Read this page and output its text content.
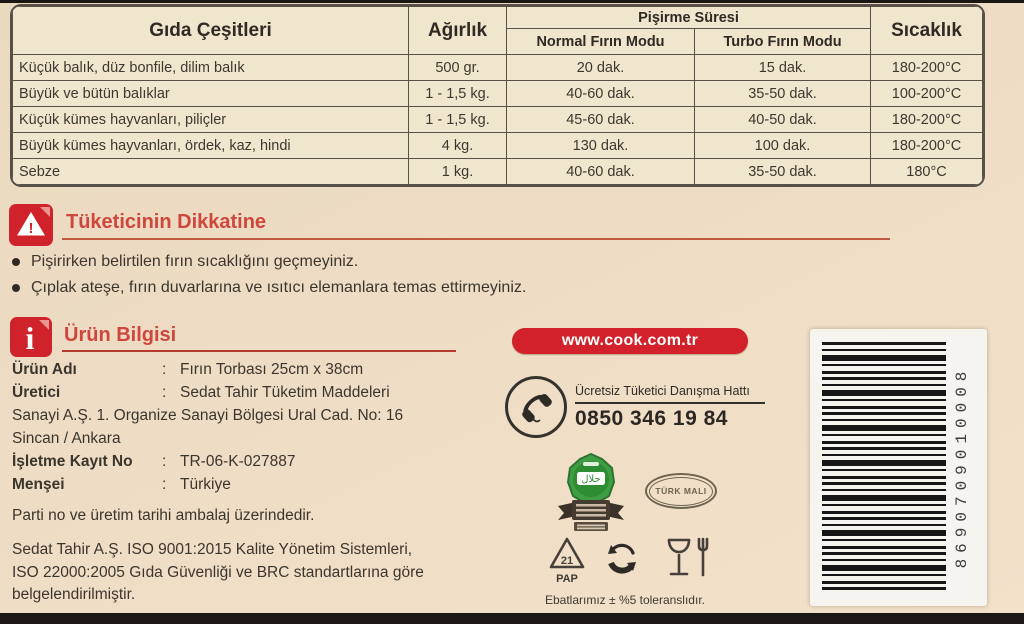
Gıda Çeşitleri	Ağırlık	Pişirme Süresi		Sıcaklık
		Normal Fırın Modu	Turbo Fırın Modu	
Küçük balık, düz bonfile, dilim balık	500 gr.	20 dak.	15 dak.	180-200°C
Büyük ve bütün balıklar	1 - 1,5 kg.	40-60 dak.	35-50 dak.	100-200°C
Küçük kümes hayvanları, piliçler	1 - 1,5 kg.	45-60 dak.	40-50 dak.	180-200°C
Büyük kümes hayvanları, ördek, kaz, hindi	4 kg.	130 dak.	100 dak.	180-200°C
Sebze	1 kg.	40-60 dak.	35-50 dak.	180°C
! Tüketicinin Dikkatine
Pişirirken belirtilen fırın sıcaklığını geçmeyiniz.
Çıplak ateşe, fırın duvarlarına ve ısıtıcı elemanlara temas ettirmeyiniz.
i Ürün Bilgisi
Ürün Adı	: Fırın Torbası 25cm x 38cm
Üretici	: Sedat Tahir Tüketim Maddeleri
Sanayi A.Ş. 1. Organize Sanayi Bölgesi Ural Cad. No: 16
Sincan / Ankara
İşletme Kayıt No	: TR-06-K-027887
Menşei	: Türkiye
Parti no ve üretim tarihi ambalaj üzerindedir.
Sedat Tahir A.Ş. ISO 9001:2015 Kalite Yönetim Sistemleri,
ISO 22000:2005 Gıda Güvenliği ve BRC standartlarına göre
belgelendirilmiştir.
www.cook.com.tr
Ücretsiz Tüketici Danışma Hattı
0850 346 19 84
حلال
TÜRK MALI
21
PAP
Ebatlarımız ± %5 toleranslıdır.
8690709010008
